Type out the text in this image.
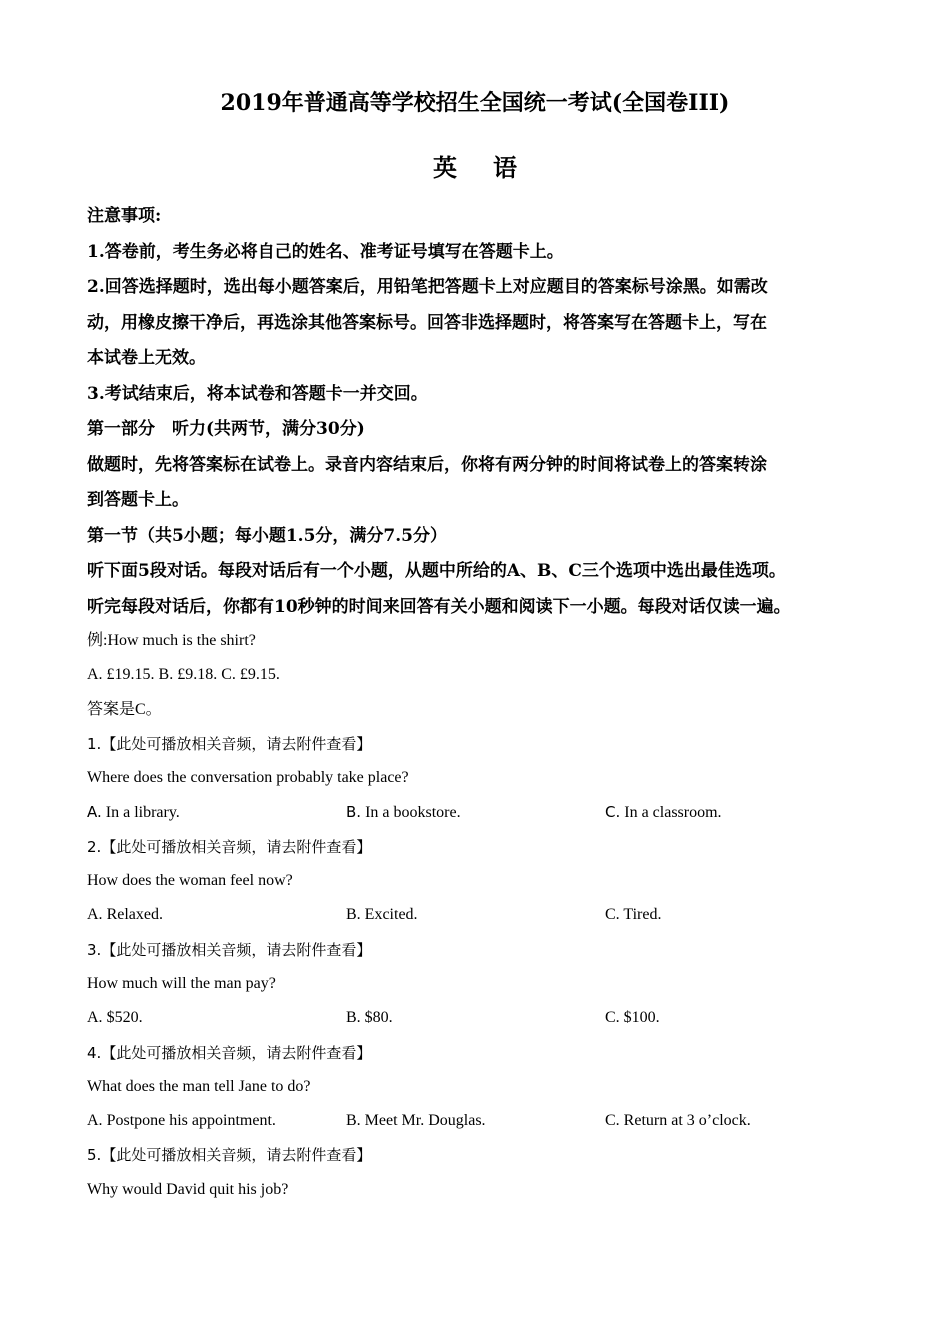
2019年普通高等学校招生全国统一考试(全国卷III)
英语
注意事项:
1.答卷前，考生务必将自己的姓名、准考证号填写在答题卡上。
2.回答选择题时，选出每小题答案后，用铅笔把答题卡上对应题目的答案标号涂黑。如需改
动，用橡皮擦干净后，再选涂其他答案标号。回答非选择题时，将答案写在答题卡上，写在
本试卷上无效。
3.考试结束后，将本试卷和答题卡一并交回。
第一部分　听力(共两节，满分30分)
做题时，先将答案标在试卷上。录音内容结束后，你将有两分钟的时间将试卷上的答案转涂
到答题卡上。
第一节（共5小题；每小题1.5分，满分7.5分）
听下面5段对话。每段对话后有一个小题，从题中所给的A、B、C三个选项中选出最佳选项。
听完每段对话后，你都有10秒钟的时间来回答有关小题和阅读下一小题。每段对话仅读一遍。
例:How much is the shirt?
A. £19.15. B. £9.18. C. £9.15.
答案是C。
1.【此处可播放相关音频，请去附件查看】
Where does the conversation probably take place?
A. In a library.	B. In a bookstore.	C. In a classroom.
2.【此处可播放相关音频，请去附件查看】
How does the woman feel now?
A. Relaxed.	B. Excited.	C. Tired.
3.【此处可播放相关音频，请去附件查看】
How much will the man pay?
A. $520.	B. $80.	C. $100.
4.【此处可播放相关音频，请去附件查看】
What does the man tell Jane to do?
A. Postpone his appointment.	B. Meet Mr. Douglas.	C. Return at 3 o’clock.
5.【此处可播放相关音频，请去附件查看】
Why would David quit his job?
